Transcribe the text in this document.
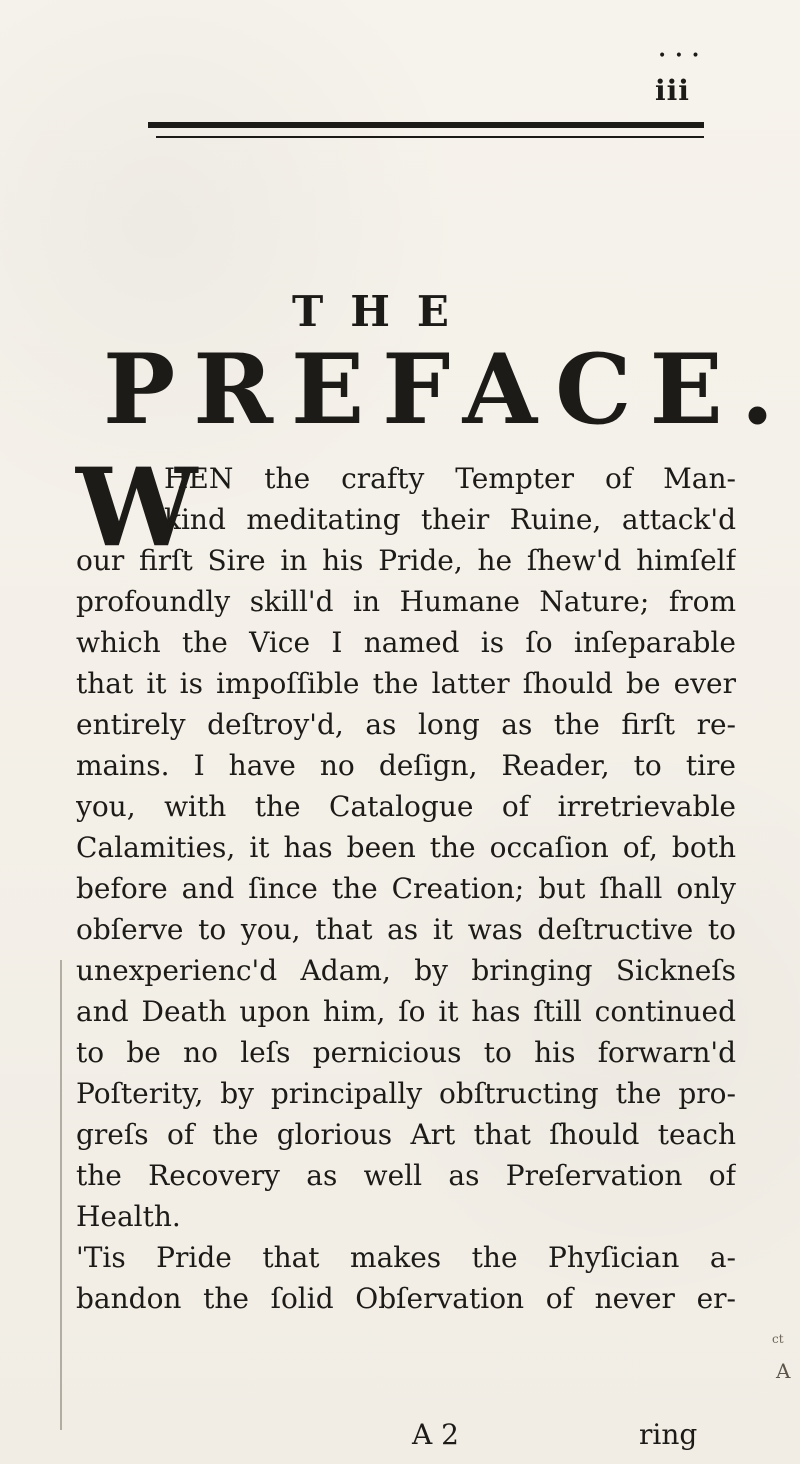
• • •
iii
THE
PREFACE.
W
HEN the crafty Tempter of Man-
kind meditating their Ruine, attack'd
our firſt Sire in his Pride, he ſhew'd himſelf
profoundly skill'd in Humane Nature; from
which the Vice I named is ſo inſeparable
that it is impoſſible the latter ſhould be ever
entirely deſtroy'd, as long as the firſt re-
mains. I have no deſign, Reader, to tire
you, with the Catalogue of irretrievable
Calamities, it has been the occaſion of, both
before and ſince the Creation; but ſhall only
obſerve to you, that as it was deſtructive to
unexperienc'd Adam, by bringing Sickneſs
and Death upon him, ſo it has ſtill continued
to be no leſs pernicious to his forwarn'd
Poſterity, by principally obſtructing the pro-
greſs of the glorious Art that ſhould teach
the Recovery as well as Preſervation of
Health.
'Tis Pride that makes the Phyſician a-
bandon the ſolid Obſervation of never er-
A 2	ring
ct
A
